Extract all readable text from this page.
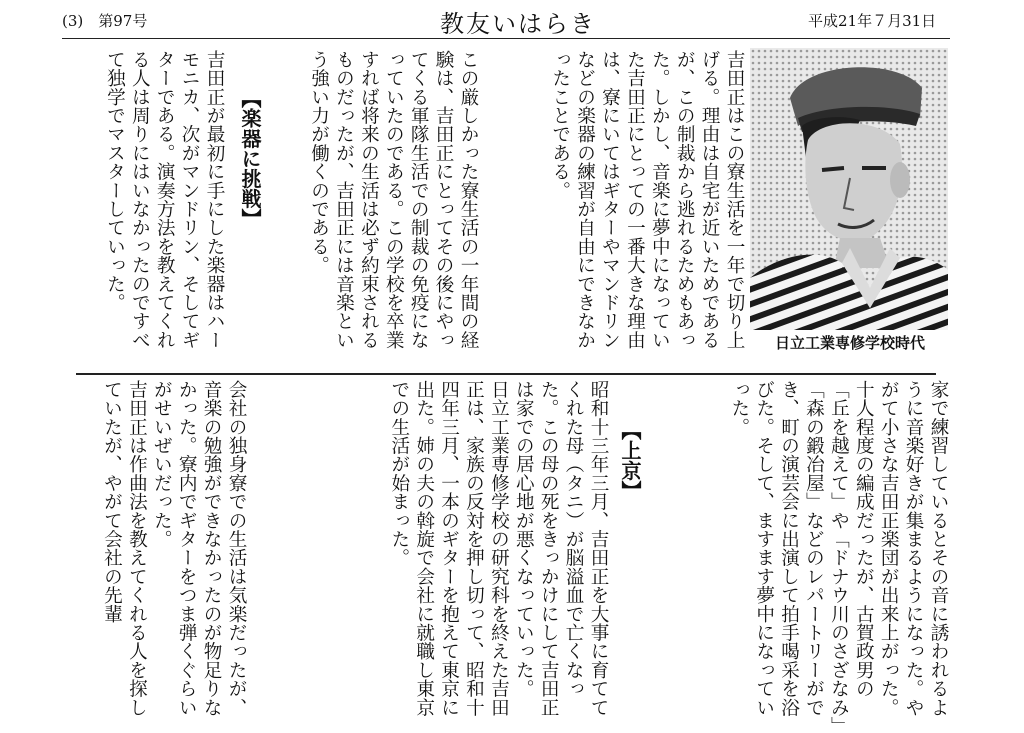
(3)　第97号	教友いはらき	平成21年７月31日

吉田正はこの寮生活を一年で切り上げる。理由は自宅が近いためであるが、この制裁から逃れるためもあった。しかし、音楽に夢中になっていた吉田正にとっての一番大きな理由は、寮にいてはギターやマンドリンなどの楽器の練習が自由にできなかったことである。

この厳しかった寮生活の一年間の経験は、吉田正にとってその後にやってくる軍隊生活での制裁の免疫になっていたのである。この学校を卒業すれば将来の生活は必ず約束されるものだったが、吉田正には音楽という強い力が働くのである。

【楽器に挑戦】

吉田正が最初に手にした楽器はハーモニカ、次がマンドリン、そしてギターである。演奏方法を教えてくれる人は周りにはいなかったのですべて独学でマスターしていった。

日立工業専修学校時代

家で練習しているとその音に誘われるように音楽好きが集まるようになった。やがて小さな吉田正楽団が出来上がった。十人程度の編成だったが、古賀政男の「丘を越えて」や「ドナウ川のさざなみ」「森の鍛冶屋」などのレパートリーができ、町の演芸会に出演して拍手喝采を浴びた。そして、ますます夢中になっていった。

【上京】

昭和十三年三月、吉田正を大事に育ててくれた母（タニ）が脳溢血で亡くなった。この母の死をきっかけにして吉田正は家での居心地が悪くなっていった。

日立工業専修学校の研究科を終えた吉田正は、家族の反対を押し切って、昭和十四年三月、一本のギターを抱えて東京に出た。姉の夫の斡旋で会社に就職し東京での生活が始まった。

会社の独身寮での生活は気楽だったが、音楽の勉強ができなかったのが物足りなかった。寮内でギターをつま弾くぐらいがせいぜいだった。

吉田正は作曲法を教えてくれる人を探していたが、やがて会社の先輩
